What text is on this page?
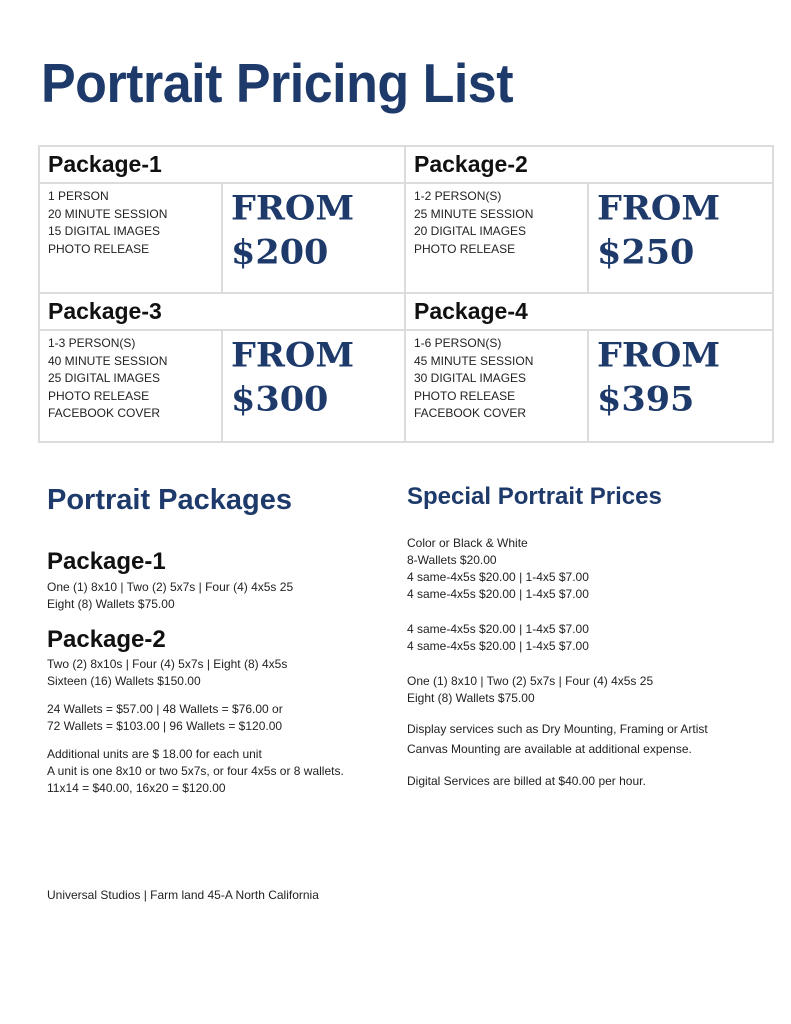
Portrait Pricing List
Package-1
1 PERSON
20 MINUTE SESSION
15 DIGITAL IMAGES
PHOTO RELEASE
FROM
$200
Package-2
1-2 PERSON(S)
25 MINUTE SESSION
20 DIGITAL IMAGES
PHOTO RELEASE
FROM
$250
Package-3
1-3 PERSON(S)
40 MINUTE SESSION
25 DIGITAL IMAGES
PHOTO RELEASE
FACEBOOK COVER
FROM
$300
Package-4
1-6 PERSON(S)
45 MINUTE SESSION
30 DIGITAL IMAGES
PHOTO RELEASE
FACEBOOK COVER
FROM
$395
Portrait Packages	Special Portrait Prices
Package-1
One (1) 8x10 | Two (2) 5x7s | Four (4) 4x5s 25
Eight (8) Wallets $75.00
Package-2
Two (2) 8x10s | Four (4) 5x7s | Eight (8) 4x5s
Sixteen (16) Wallets $150.00
24 Wallets = $57.00 | 48 Wallets = $76.00 or
72 Wallets = $103.00 | 96 Wallets = $120.00
Additional units are $ 18.00 for each unit
A unit is one 8x10 or two 5x7s, or four 4x5s or 8 wallets.
11x14 = $40.00, 16x20 = $120.00
Color or Black & White
8-Wallets $20.00
4 same-4x5s $20.00 | 1-4x5 $7.00
4 same-4x5s $20.00 | 1-4x5 $7.00
4 same-4x5s $20.00 | 1-4x5 $7.00
4 same-4x5s $20.00 | 1-4x5 $7.00
One (1) 8x10 | Two (2) 5x7s | Four (4) 4x5s 25
Eight (8) Wallets $75.00
Display services such as Dry Mounting, Framing or Artist
Canvas Mounting are available at additional expense.
Digital Services are billed at $40.00 per hour.
Universal Studios | Farm land 45-A North California
